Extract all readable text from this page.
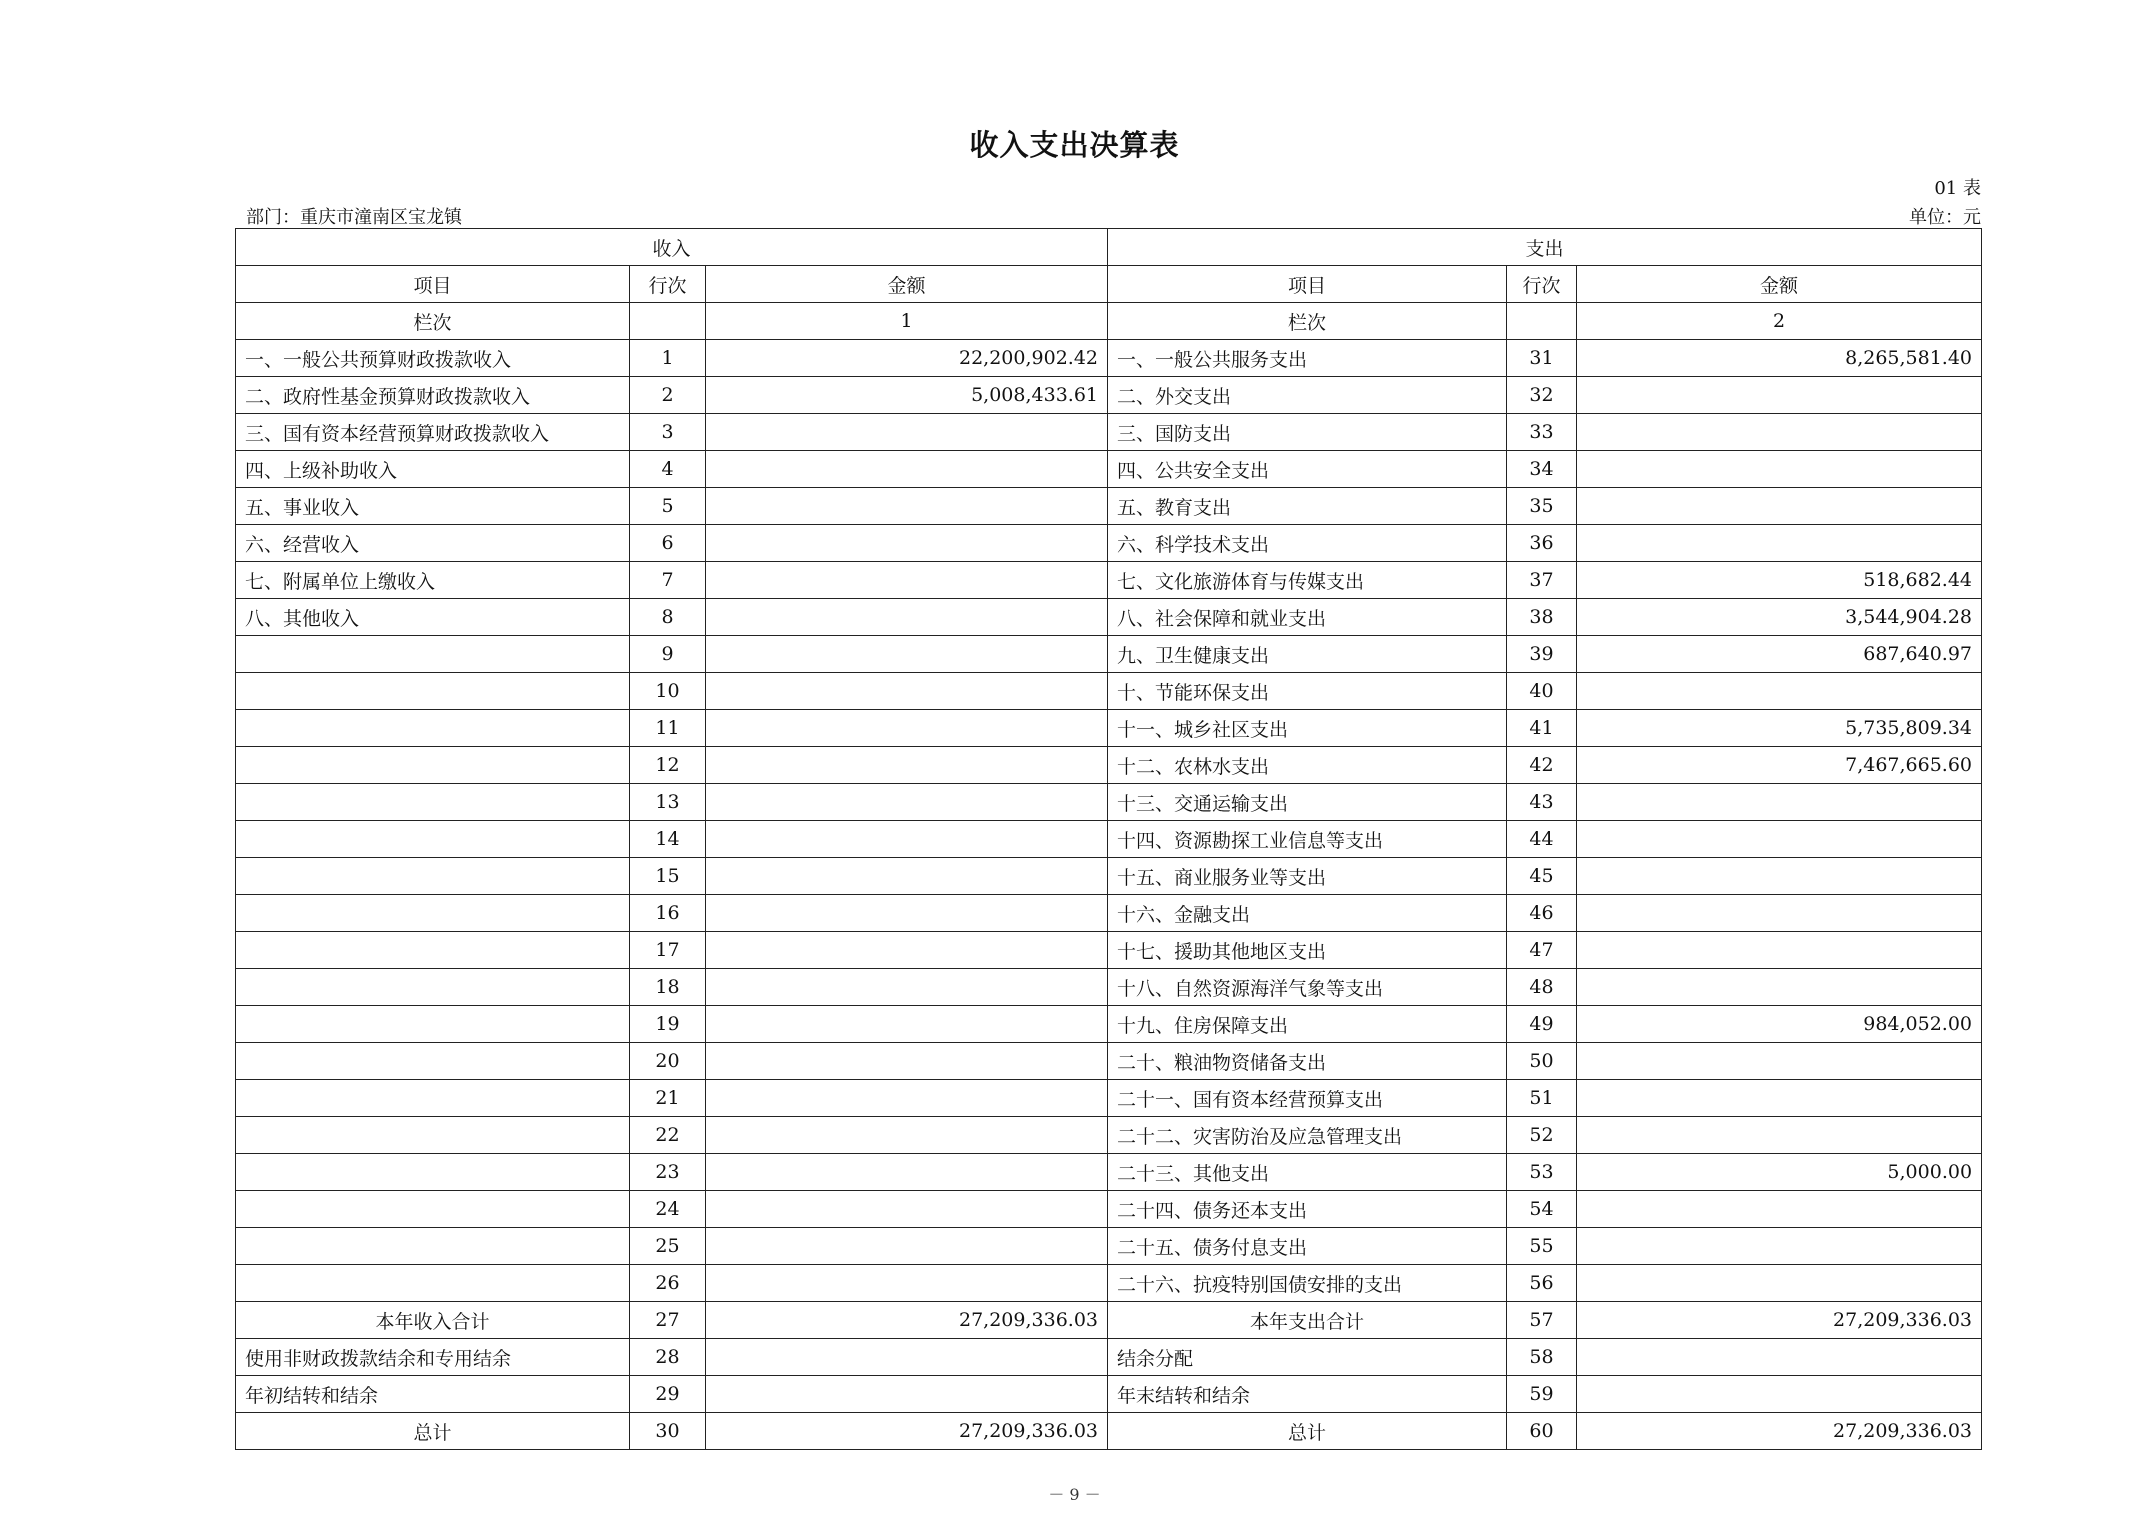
收入支出决算表
01 表
部门：重庆市潼南区宝龙镇	单位：元
收入			支出		
项目	行次	金额	项目	行次	金额
栏次		1	栏次		2
一、一般公共预算财政拨款收入	1	22,200,902.42	一、一般公共服务支出	31	8,265,581.40
二、政府性基金预算财政拨款收入	2	5,008,433.61	二、外交支出	32	
三、国有资本经营预算财政拨款收入	3		三、国防支出	33	
四、上级补助收入	4		四、公共安全支出	34	
五、事业收入	5		五、教育支出	35	
六、经营收入	6		六、科学技术支出	36	
七、附属单位上缴收入	7		七、文化旅游体育与传媒支出	37	518,682.44
八、其他收入	8		八、社会保障和就业支出	38	3,544,904.28
	9		九、卫生健康支出	39	687,640.97
	10		十、节能环保支出	40	
	11		十一、城乡社区支出	41	5,735,809.34
	12		十二、农林水支出	42	7,467,665.60
	13		十三、交通运输支出	43	
	14		十四、资源勘探工业信息等支出	44	
	15		十五、商业服务业等支出	45	
	16		十六、金融支出	46	
	17		十七、援助其他地区支出	47	
	18		十八、自然资源海洋气象等支出	48	
	19		十九、住房保障支出	49	984,052.00
	20		二十、粮油物资储备支出	50	
	21		二十一、国有资本经营预算支出	51	
	22		二十二、灾害防治及应急管理支出	52	
	23		二十三、其他支出	53	5,000.00
	24		二十四、债务还本支出	54	
	25		二十五、债务付息支出	55	
	26		二十六、抗疫特别国债安排的支出	56	
本年收入合计	27	27,209,336.03	本年支出合计	57	27,209,336.03
使用非财政拨款结余和专用结余	28		结余分配	58	
年初结转和结余	29		年末结转和结余	59	
总计	30	27,209,336.03	总计	60	27,209,336.03
－ 9 －
